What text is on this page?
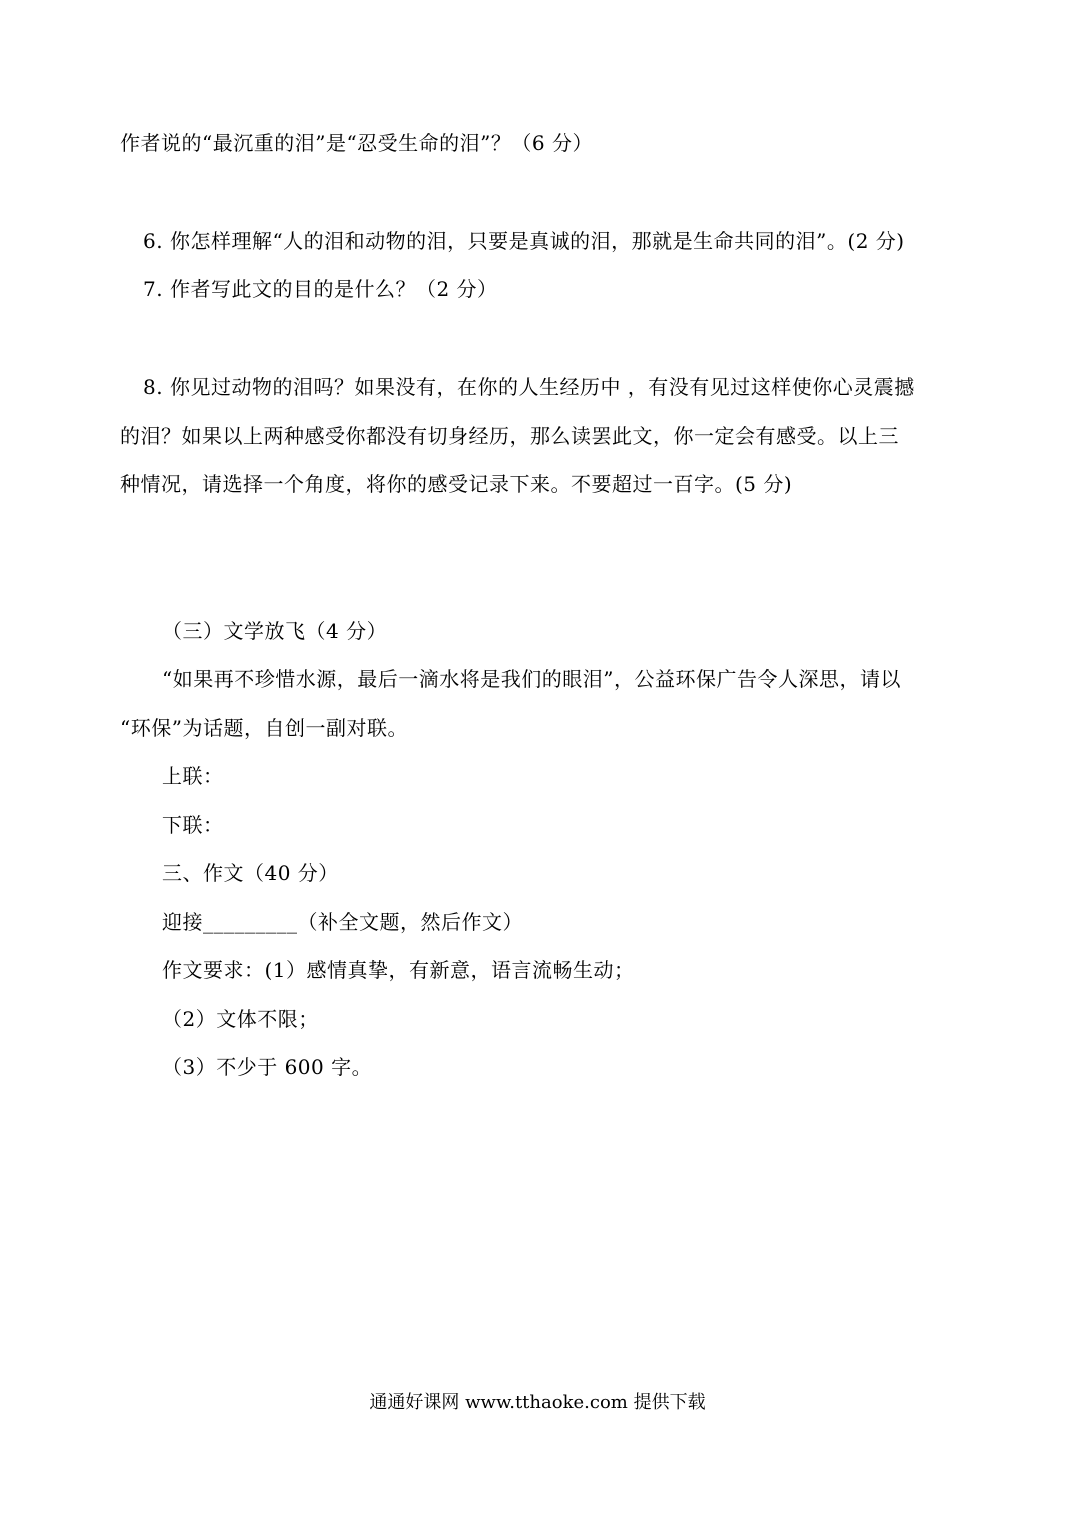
作者说的“最沉重的泪”是“忍受生命的泪”？（6 分）
6. 你怎样理解“人的泪和动物的泪，只要是真诚的泪，那就是生命共同的泪”。(2 分)
7. 作者写此文的目的是什么？（2 分）
8. 你见过动物的泪吗？如果没有，在你的人生经历中 ，有没有见过这样使你心灵震撼
的泪？如果以上两种感受你都没有切身经历，那么读罢此文，你一定会有感受。以上三
种情况，请选择一个角度，将你的感受记录下来。不要超过一百字。(5 分)
（三）文学放飞（4 分）
“如果再不珍惜水源，最后一滴水将是我们的眼泪”，公益环保广告令人深思，请以
“环保”为话题，自创一副对联。
上联：
下联：
三、作文（40 分）
迎接_________（补全文题，然后作文）
作文要求：(1）感情真挚，有新意，语言流畅生动；
（2）文体不限；
（3）不少于 600 字。
通通好课网 www.tthaoke.com 提供下载
